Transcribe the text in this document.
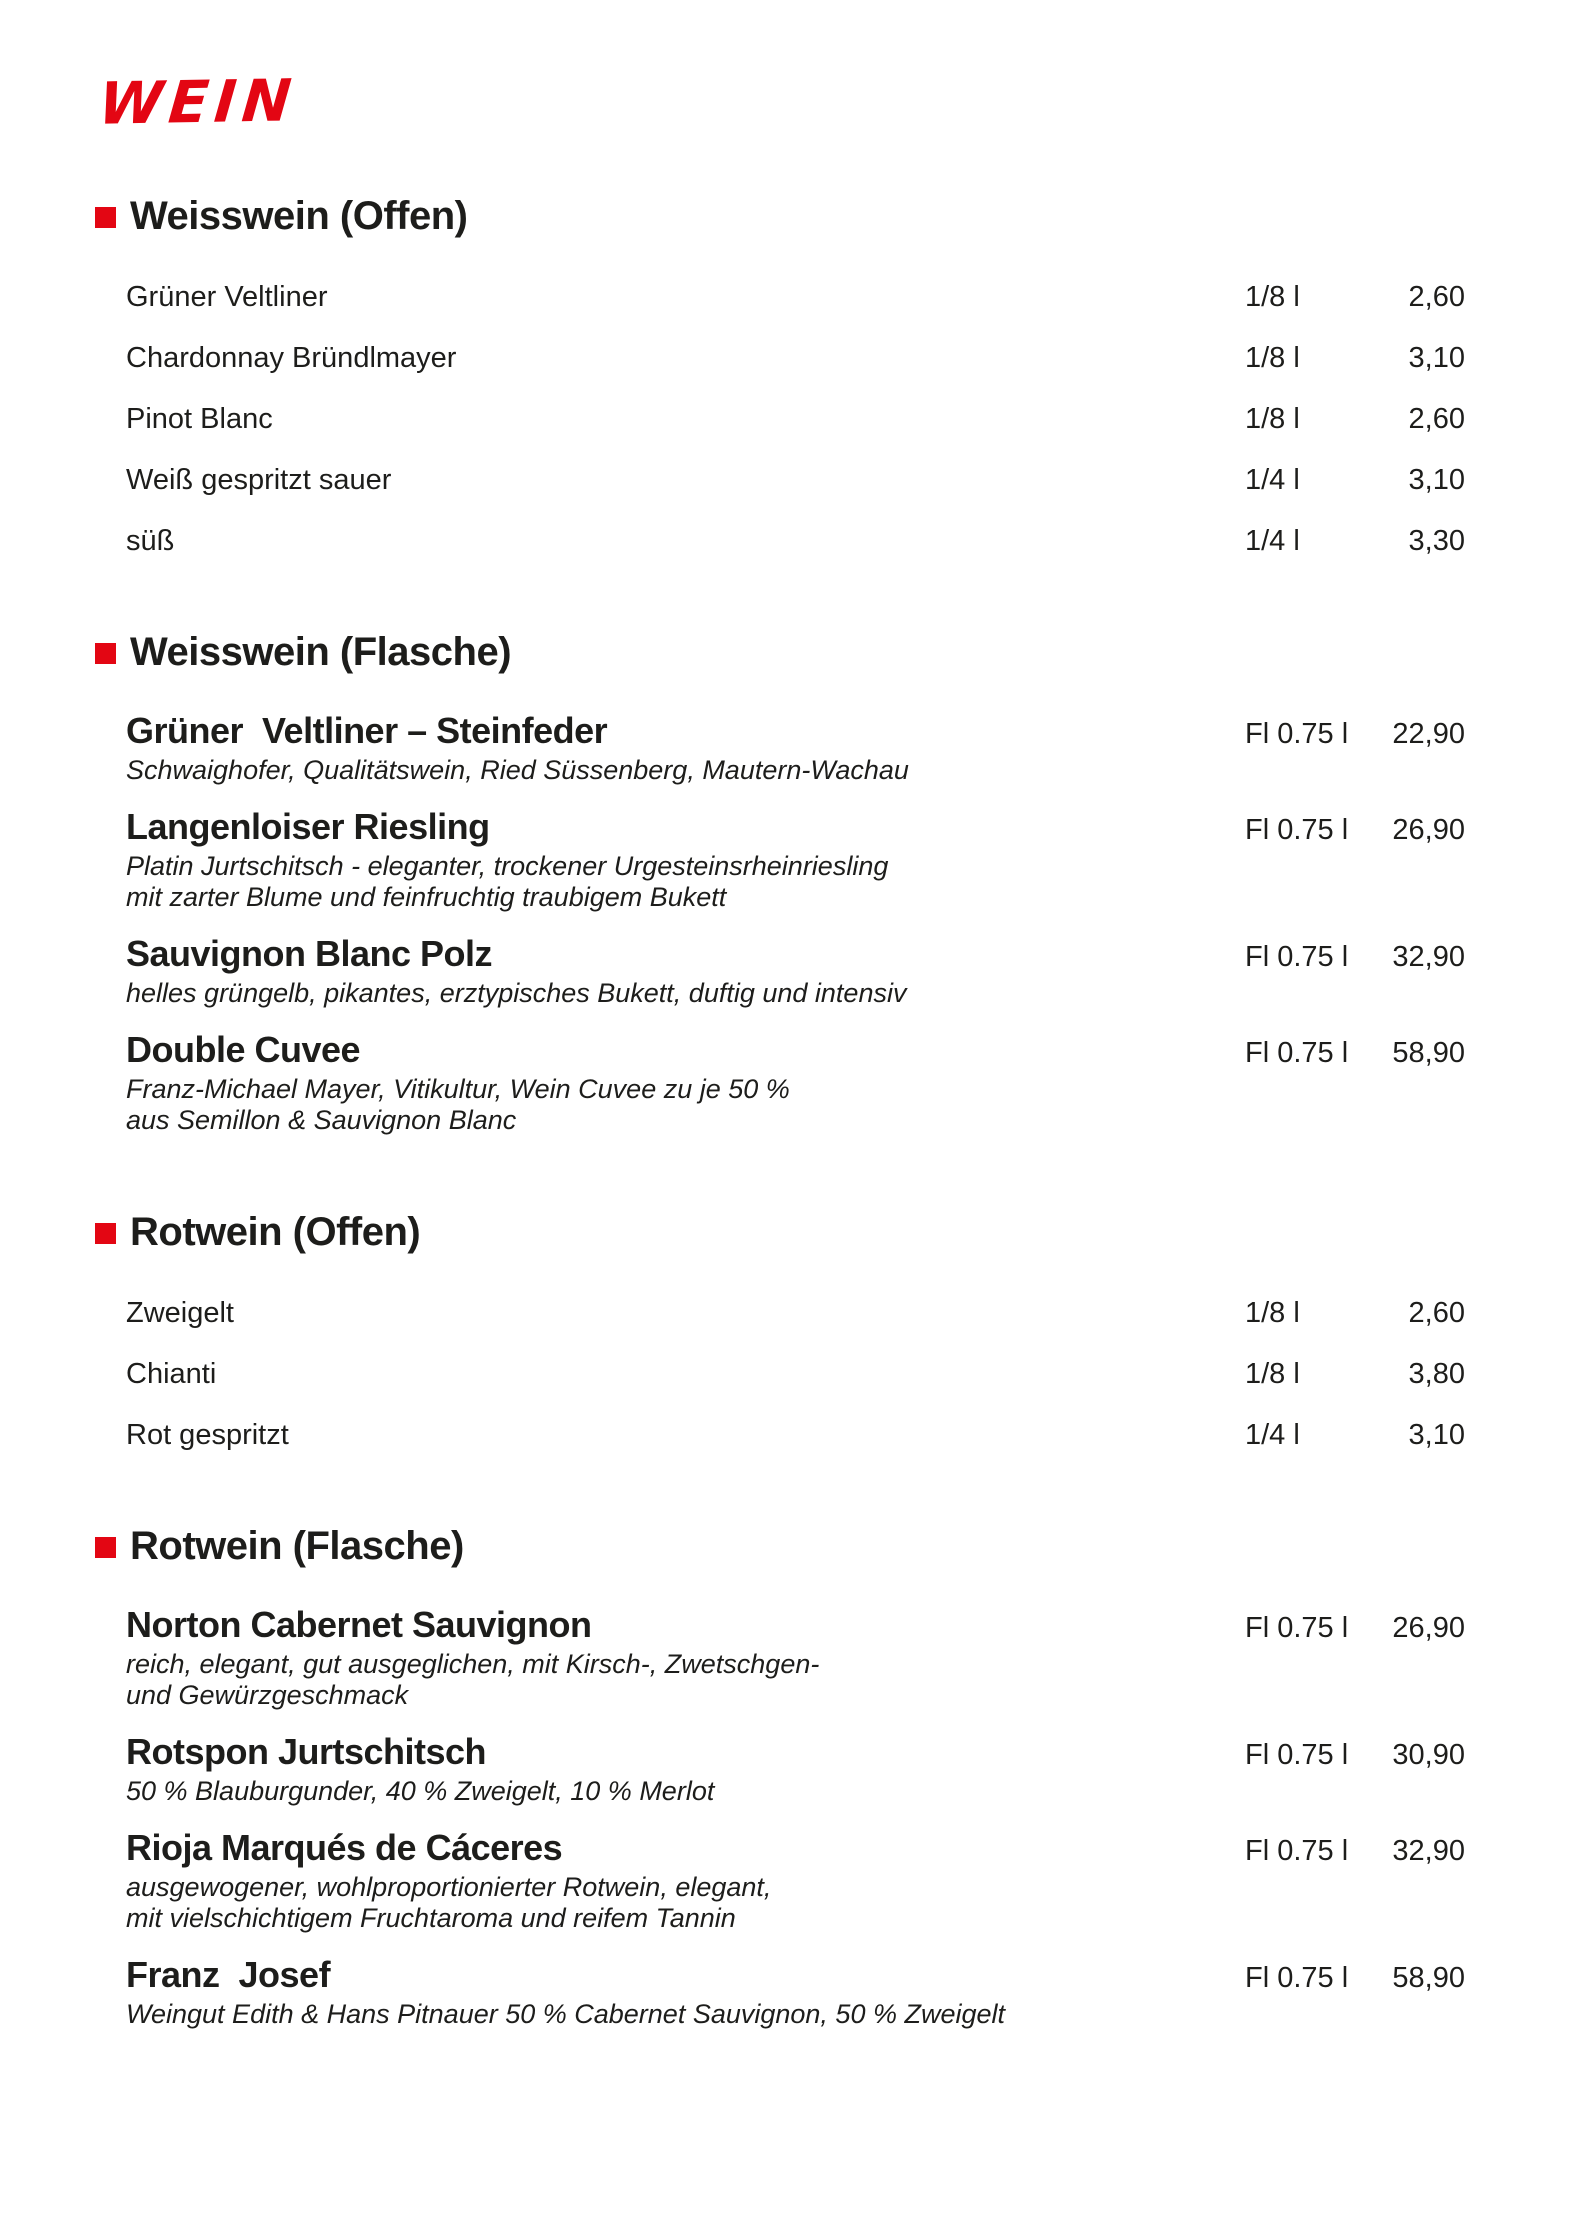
WEIN
Weisswein (Offen)
Grüner Veltliner	1/8 l	2,60
Chardonnay Bründlmayer	1/8 l	3,10
Pinot Blanc	1/8 l	2,60
Weiß gespritzt sauer	1/4 l	3,10
süß	1/4 l	3,30
Weisswein (Flasche)
Grüner  Veltliner – Steinfeder	Fl 0.75 l	22,90
Schwaighofer, Qualitätswein, Ried Süssenberg, Mautern-Wachau
Langenloiser Riesling	Fl 0.75 l	26,90
Platin Jurtschitsch - eleganter, trockener Urgesteinsrheinriesling
mit zarter Blume und feinfruchtig traubigem Bukett
Sauvignon Blanc Polz	Fl 0.75 l	32,90
helles grüngelb, pikantes, erztypisches Bukett, duftig und intensiv
Double Cuvee	Fl 0.75 l	58,90
Franz-Michael Mayer, Vitikultur, Wein Cuvee zu je 50 %
aus Semillon & Sauvignon Blanc
Rotwein (Offen)
Zweigelt	1/8 l	2,60
Chianti	1/8 l	3,80
Rot gespritzt	1/4 l	3,10
Rotwein (Flasche)
Norton Cabernet Sauvignon	Fl 0.75 l	26,90
reich, elegant, gut ausgeglichen, mit Kirsch-, Zwetschgen-
und Gewürzgeschmack
Rotspon Jurtschitsch	Fl 0.75 l	30,90
50 % Blauburgunder, 40 % Zweigelt, 10 % Merlot
Rioja Marqués de Cáceres	Fl 0.75 l	32,90
ausgewogener, wohlproportionierter Rotwein, elegant,
mit vielschichtigem Fruchtaroma und reifem Tannin
Franz  Josef	Fl 0.75 l	58,90
Weingut Edith & Hans Pitnauer 50 % Cabernet Sauvignon, 50 % Zweigelt
